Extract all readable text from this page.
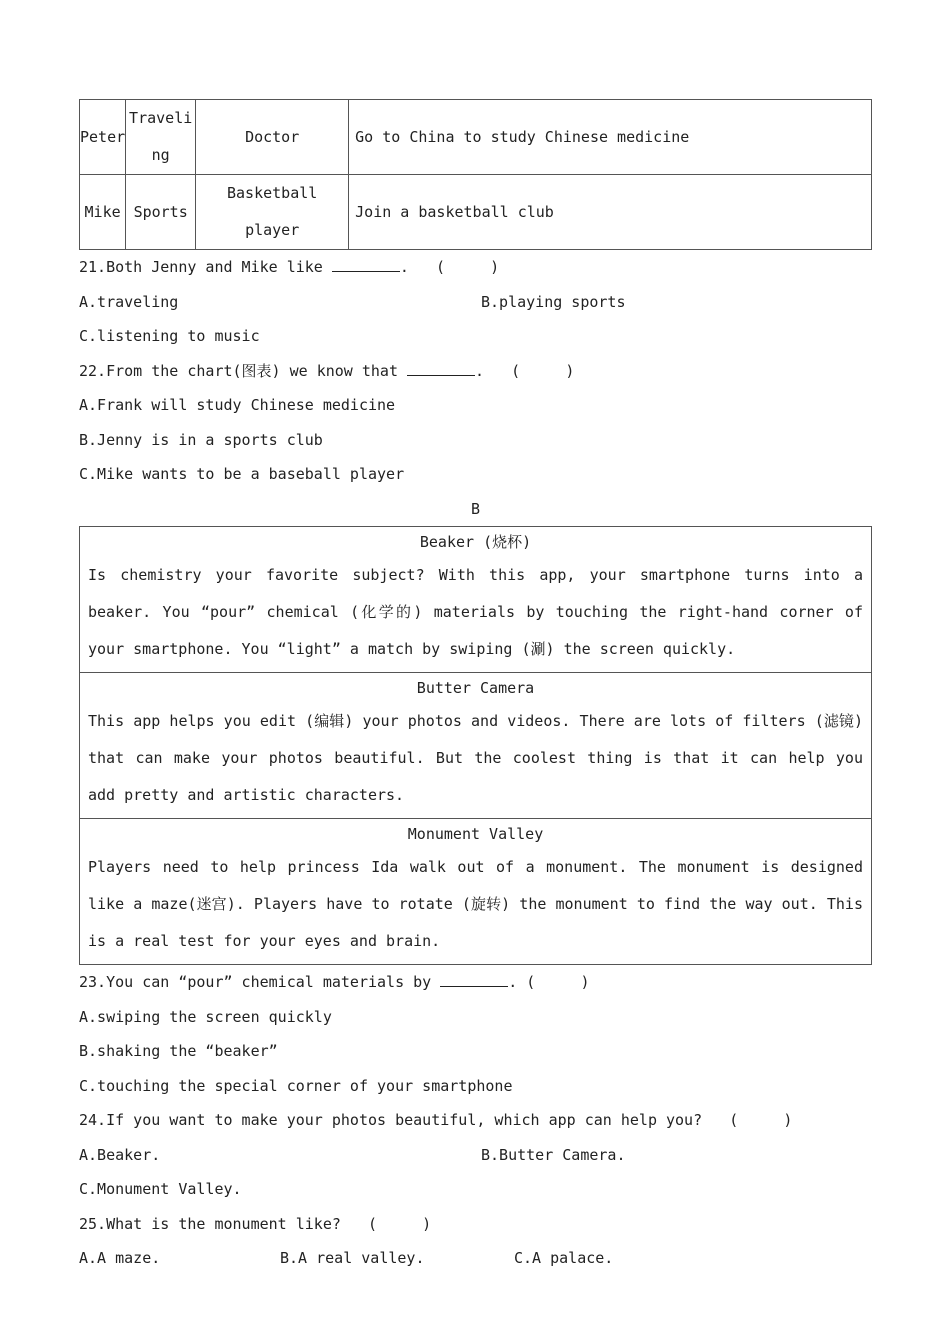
Peter	Traveling	Doctor	Go to China to study Chinese medicine
Mike	Sports	Basketball player	Join a basketball club
21.Both Jenny and Mike like	.   (     )
A.traveling	B.playing sports
C.listening to music
22.From the chart(图表) we know that	.   (     )
A.Frank will study Chinese medicine
B.Jenny is in a sports club
C.Mike wants to be a baseball player
B
Beaker (烧杯)
Is chemistry your favorite subject? With this app, your smartphone turns into a beaker. You “pour” chemical (化学的) materials by touching the right-hand corner of your smartphone. You “light” a match by swiping (涮) the screen quickly.
Butter Camera
This app helps you edit (编辑) your photos and videos. There are lots of filters (滤镜) that can make your photos beautiful. But the coolest thing is that it can help you add pretty and artistic characters.
Monument Valley
Players need to help princess Ida walk out of a monument. The monument is designed like a maze(迷宫). Players have to rotate (旋转) the monument to find the way out. This is a real test for your eyes and brain.
23.You can “pour” chemical materials by	. (     )
A.swiping the screen quickly
B.shaking the “beaker”
C.touching the special corner of your smartphone
24.If you want to make your photos beautiful, which app can help you? (     )
A.Beaker.	B.Butter Camera.
C.Monument Valley.
25.What is the monument like? (     )
A.A maze.	B.A real valley.	C.A palace.
